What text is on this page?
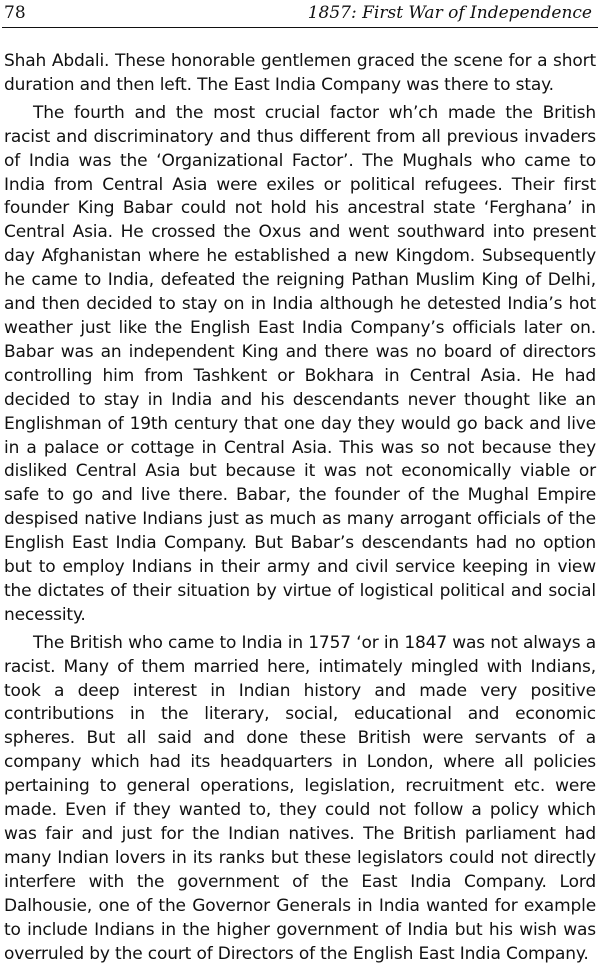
78	1857: First War of Independence

Shah Abdali. These honorable gentlemen graced the scene for a short duration and then left. The East India Company was there to stay.

The fourth and the most crucial factor wh’ch made the British racist and discriminatory and thus different from all previous invaders of India was the ‘Organizational Factor’. The Mughals who came to India from Central Asia were exiles or political refugees. Their first founder King Babar could not hold his ancestral state ‘Ferghana’ in Central Asia. He crossed the Oxus and went southward into present day Afghanistan where he established a new Kingdom. Subsequently he came to India, defeated the reigning Pathan Muslim King of Delhi, and then decided to stay on in India although he detested India’s hot weather just like the English East India Company’s officials later on. Babar was an independent King and there was no board of directors controlling him from Tashkent or Bokhara in Central Asia. He had decided to stay in India and his descendants never thought like an Englishman of 19th century that one day they would go back and live in a palace or cottage in Central Asia. This was so not because they disliked Central Asia but because it was not economically viable or safe to go and live there. Babar, the founder of the Mughal Empire despised native Indians just as much as many arrogant officials of the English East India Company. But Babar’s descendants had no option but to employ Indians in their army and civil service keeping in view the dictates of their situation by virtue of logistical political and social necessity.

The British who came to India in 1757 ‘or in 1847 was not always a racist. Many of them married here, intimately mingled with Indians, took a deep interest in Indian history and made very positive contributions in the literary, social, educational and economic spheres. But all said and done these British were servants of a company which had its headquarters in London, where all policies pertaining to general operations, legislation, recruitment etc. were made. Even if they wanted to, they could not follow a policy which was fair and just for the Indian natives. The British parliament had many Indian lovers in its ranks but these legislators could not directly interfere with the government of the East India Company. Lord Dalhousie, one of the Governor Generals in India wanted for example to include Indians in the higher government of India but his wish was overruled by the court of Directors of the English East India Company.
